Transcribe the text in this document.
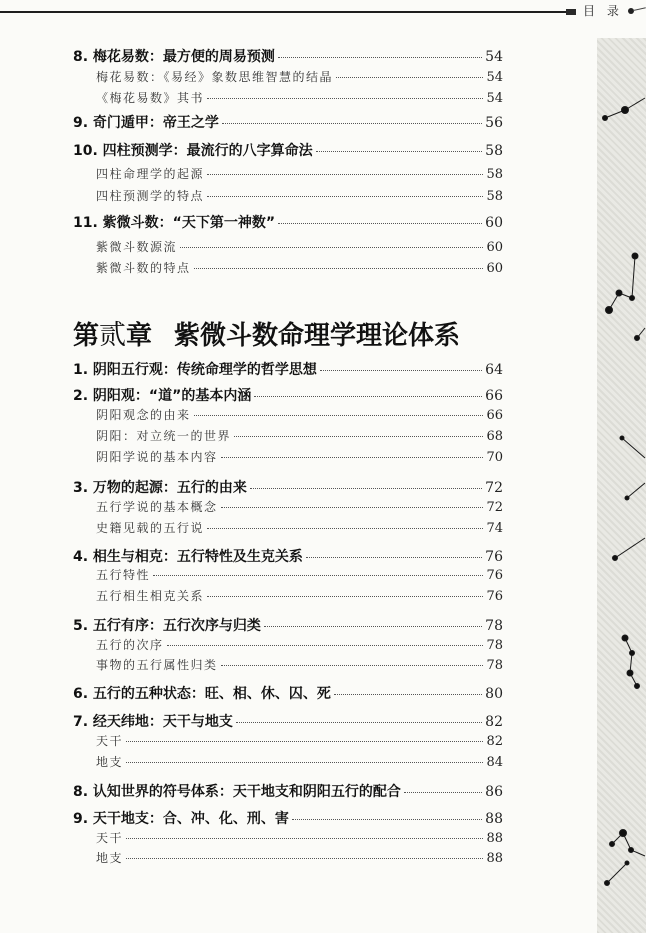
目 录
第贰章 紫微斗数命理学理论体系
8. 梅花易数：最方便的周易预测	54
梅花易数：《易经》象数思维智慧的结晶	54
《梅花易数》其书	54
9. 奇门遁甲：帝王之学	56
10. 四柱预测学：最流行的八字算命法	58
四柱命理学的起源	58
四柱预测学的特点	58
11. 紫微斗数：“天下第一神数”	60
紫微斗数源流	60
紫微斗数的特点	60
1. 阴阳五行观：传统命理学的哲学思想	64
2. 阴阳观：“道”的基本内涵	66
阴阳观念的由来	66
阴阳：对立统一的世界	68
阴阳学说的基本内容	70
3. 万物的起源：五行的由来	72
五行学说的基本概念	72
史籍见载的五行说	74
4. 相生与相克：五行特性及生克关系	76
五行特性	76
五行相生相克关系	76
5. 五行有序：五行次序与归类	78
五行的次序	78
事物的五行属性归类	78
6. 五行的五种状态：旺、相、休、囚、死	80
7. 经天纬地：天干与地支	82
天干	82
地支	84
8. 认知世界的符号体系：天干地支和阴阳五行的配合	86
9. 天干地支：合、冲、化、刑、害	88
天干	88
地支	88
